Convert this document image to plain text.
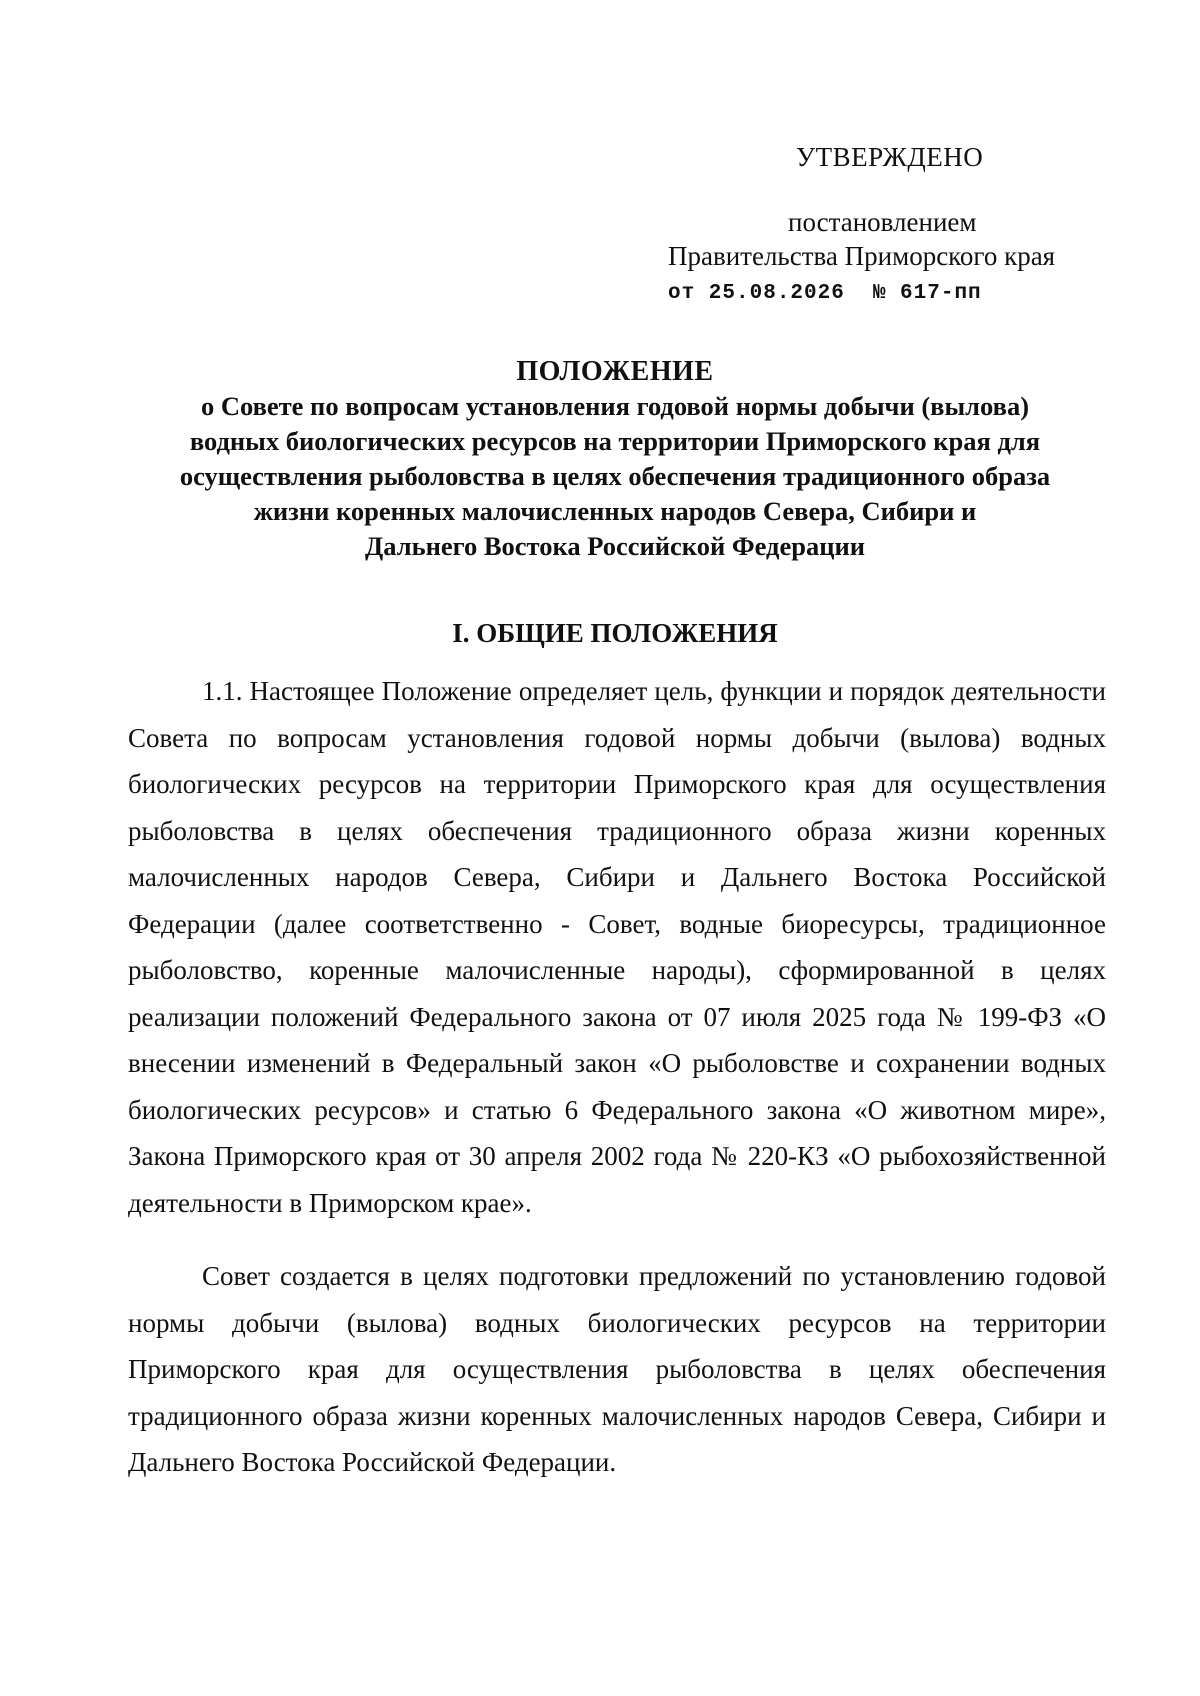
УТВЕРЖДЕНО
постановлением
Правительства Приморского края
от 25.08.2026 № 617-пп
ПОЛОЖЕНИЕ
о Совете по вопросам установления годовой нормы добычи (вылова)
водных биологических ресурсов на территории Приморского края для
осуществления рыболовства в целях обеспечения традиционного образа
жизни коренных малочисленных народов Севера, Сибири и
Дальнего Востока Российской Федерации
I. ОБЩИЕ ПОЛОЖЕНИЯ

1.1. Настоящее Положение определяет цель, функции и порядок деятельности Совета по вопросам установления годовой нормы добычи (вылова) водных биологических ресурсов на территории Приморского края для осуществления рыболовства в целях обеспечения традиционного образа жизни коренных малочисленных народов Севера, Сибири и Дальнего Востока Российской Федерации (далее соответственно - Совет, водные биоресурсы, традиционное рыболовство, коренные малочисленные народы), сформированной в целях реализации положений Федерального закона от 07 июля 2025 года № 199-ФЗ «О внесении изменений в Федеральный закон «О рыболовстве и сохранении водных биологических ресурсов» и статью 6 Федерального закона «О животном мире», Закона Приморского края от 30 апреля 2002 года № 220-КЗ «О рыбохозяйственной деятельности в Приморском крае».

Совет создается в целях подготовки предложений по установлению годовой нормы добычи (вылова) водных биологических ресурсов на территории Приморского края для осуществления рыболовства в целях обеспечения традиционного образа жизни коренных малочисленных народов Севера, Сибири и Дальнего Востока Российской Федерации.
